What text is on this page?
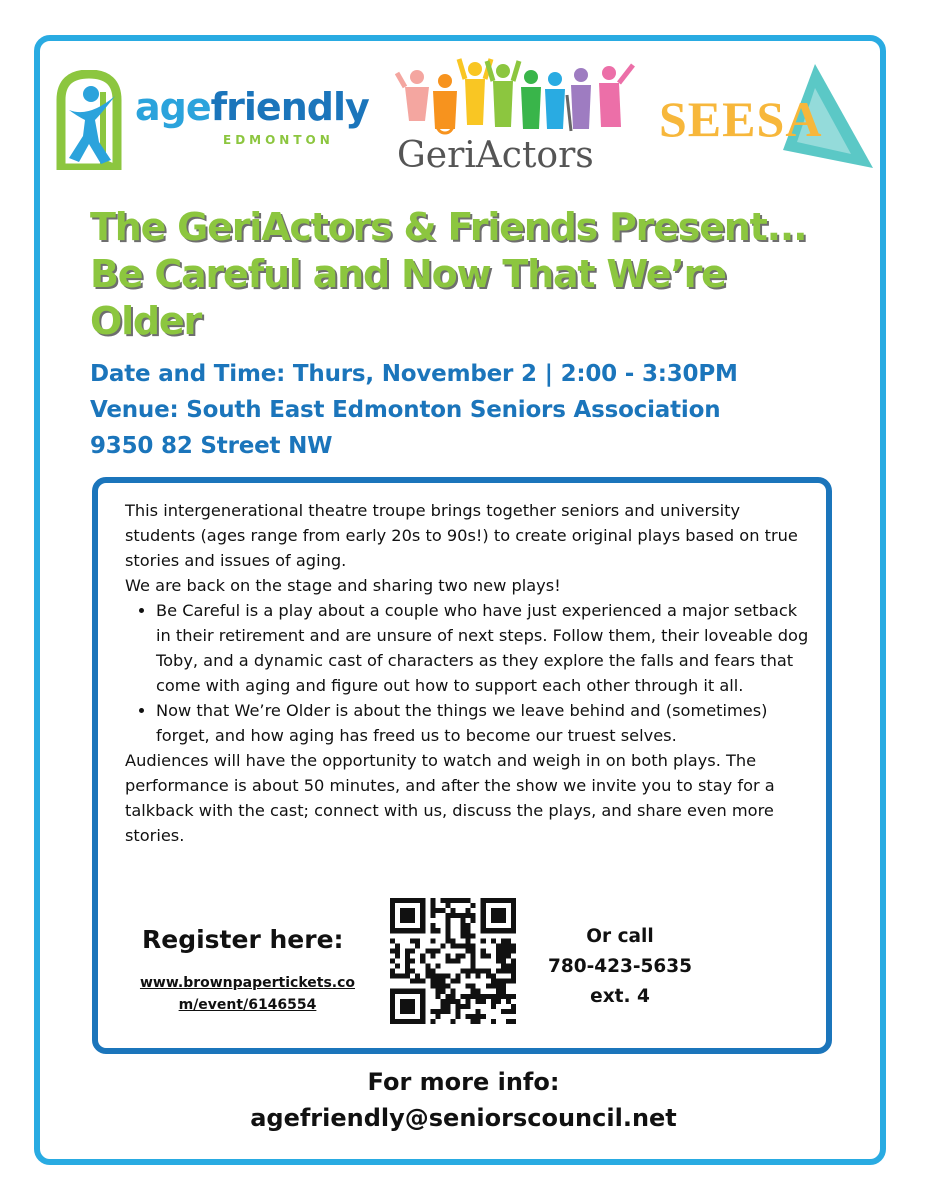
agefriendly
EDMONTON GeriActors
SEESA
The GeriActors & Friends Present...
Be Careful and Now That We’re
Older
Date and Time: Thurs, November 2 | 2:00 - 3:30PM
Venue: South East Edmonton Seniors Association
9350 82 Street NW

This intergenerational theatre troupe brings together seniors and university students (ages range from early 20s to 90s!) to create original plays based on true stories and issues of aging.

We are back on the stage and sharing two new plays!

• Be Careful is a play about a couple who have just experienced a major setback in their retirement and are unsure of next steps. Follow them, their loveable dog Toby, and a dynamic cast of characters as they explore the falls and fears that come with aging and figure out how to support each other through it all.
• Now that We’re Older is about the things we leave behind and (sometimes) forget, and how aging has freed us to become our truest selves.

Audiences will have the opportunity to watch and weigh in on both plays. The performance is about 50 minutes, and after the show we invite you to stay for a talkback with the cast; connect with us, discuss the plays, and share even more stories.

Register here:
www.brownpapertickets.com/event/6146554
Or call
780-423-5635
ext. 4
For more info:
agefriendly@seniorscouncil.net
